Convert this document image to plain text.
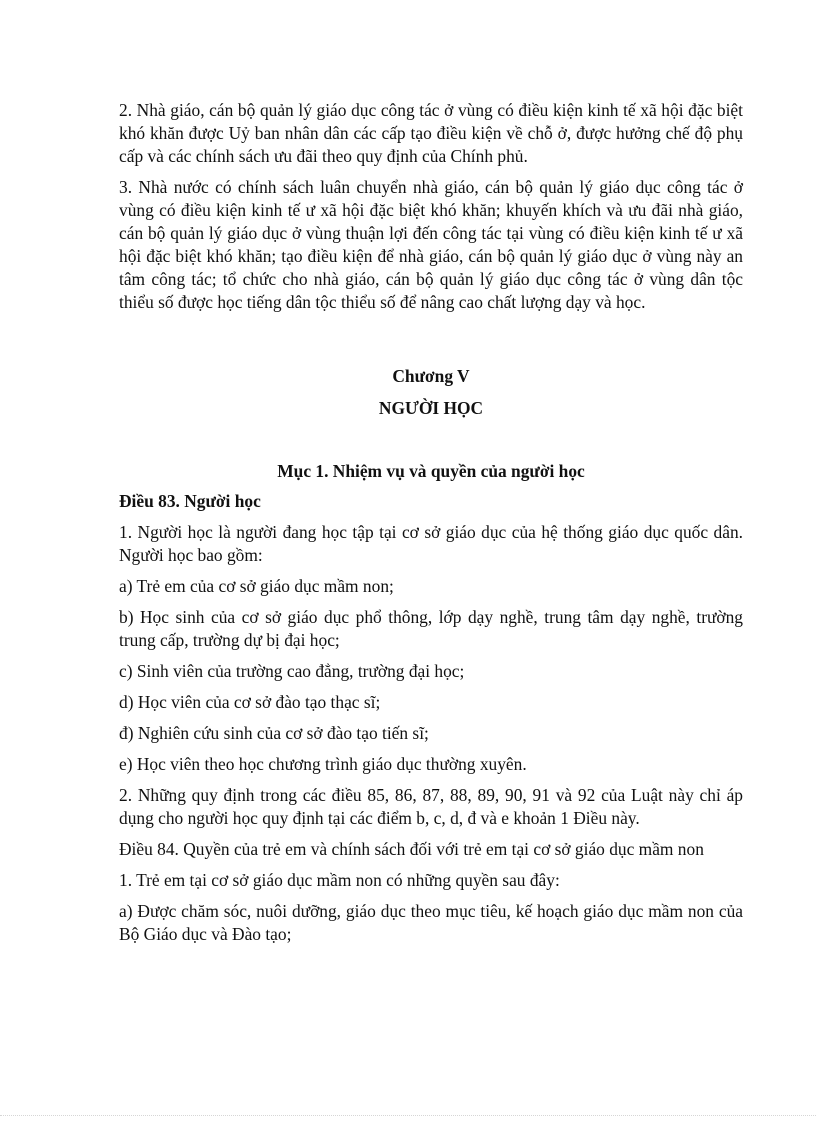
2. Nhà giáo, cán bộ quản lý giáo dục công tác ở vùng có điều kiện kinh tế xã hội đặc biệt khó khăn được Uỷ ban nhân dân các cấp tạo điều kiện về chỗ ở, được hưởng chế độ phụ cấp và các chính sách ưu đãi theo quy định của Chính phủ.

3. Nhà nước có chính sách luân chuyển nhà giáo, cán bộ quản lý giáo dục công tác ở vùng có điều kiện kinh tế ư xã hội đặc biệt khó khăn; khuyến khích và ưu đãi nhà giáo, cán bộ quản lý giáo dục ở vùng thuận lợi đến công tác tại vùng có điều kiện kinh tế ư xã hội đặc biệt khó khăn; tạo điều kiện để nhà giáo, cán bộ quản lý giáo dục ở vùng này an tâm công tác; tổ chức cho nhà giáo, cán bộ quản lý giáo dục công tác ở vùng dân tộc thiểu số được học tiếng dân tộc thiểu số để nâng cao chất lượng dạy và học.

Chương V

NGƯỜI HỌC

Mục 1. Nhiệm vụ và quyền của người học

Điều 83. Người học

1. Người học là người đang học tập tại cơ sở giáo dục của hệ thống giáo dục quốc dân. Người học bao gồm:

a) Trẻ em của cơ sở giáo dục mầm non;

b) Học sinh của cơ sở giáo dục phổ thông, lớp dạy nghề, trung tâm dạy nghề, trường trung cấp, trường dự bị đại học;

c) Sinh viên của trường cao đẳng, trường đại học;

d) Học viên của cơ sở đào tạo thạc sĩ;

đ) Nghiên cứu sinh của cơ sở đào tạo tiến sĩ;

e) Học viên theo học chương trình giáo dục thường xuyên.

2. Những quy định trong các điều 85, 86, 87, 88, 89, 90, 91 và 92 của Luật này chỉ áp dụng cho người học quy định tại các điểm b, c, d, đ và e khoản 1 Điều này.

Điều 84. Quyền của trẻ em và chính sách đối với trẻ em tại cơ sở giáo dục mầm non

1. Trẻ em tại cơ sở giáo dục mầm non có những quyền sau đây:

a) Được chăm sóc, nuôi dưỡng, giáo dục theo mục tiêu, kế hoạch giáo dục mầm non của Bộ Giáo dục và Đào tạo;
